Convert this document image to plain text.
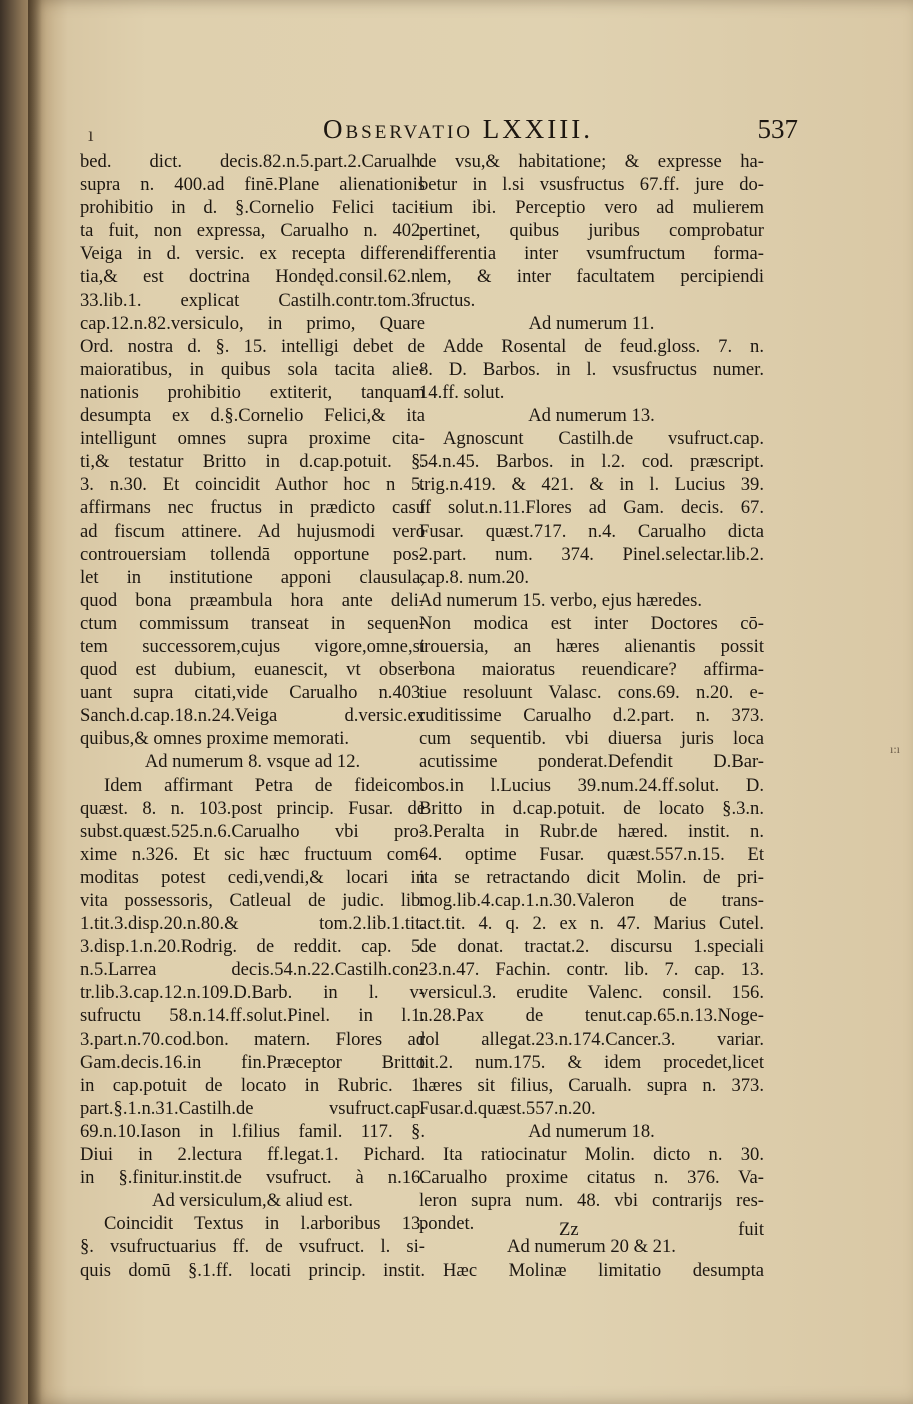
ı	Observatio LXXIII.	537
bed. dict. decis.82.n.5.part.2.Carualh.
supra n. 400.ad finē.Plane alienationis
prohibitio in d. §.Cornelio Felici taci-
ta fuit, non expressa, Carualho n. 402.
Veiga in d. versic. ex recepta differen-
tia,& est doctrina Hondęd.consil.62.n.
33.lib.1. explicat Castilh.contr.tom.3.
cap.12.n.82.versiculo, in primo, Quare
Ord. nostra d. §. 15. intelligi debet de
maioratibus, in quibus sola tacita alie-
nationis prohibitio extiterit, tanquam
desumpta ex d.§.Cornelio Felici,& ita
intelligunt omnes supra proxime cita-
ti,& testatur Britto in d.cap.potuit. §.
3. n.30. Et coincidit Author hoc n 5.
affirmans nec fructus in prædicto casu
ad fiscum attinere. Ad hujusmodi vero
controuersiam tollendā opportune pos-
let in institutione apponi clausula,
quod bona præambula hora ante deli-
ctum commissum transeat in sequen-
tem successorem,cujus vigore,omne,si
quod est dubium, euanescit, vt obser-
uant supra citati,vide Carualho n.403.
Sanch.d.cap.18.n.24.Veiga d.versic.ex
quibus,& omnes proxime memorati.
Ad numerum 8. vsque ad 12.
Idem affirmant Petra de fideicom.
quæst. 8. n. 103.post princip. Fusar. de
subst.quæst.525.n.6.Carualho vbi pro-
xime n.326. Et sic hæc fructuum com-
moditas potest cedi,vendi,& locari in
vita possessoris, Catleual de judic. lib.
1.tit.3.disp.20.n.80.& tom.2.lib.1.tit.
3.disp.1.n.20.Rodrig. de reddit. cap. 5.
n.5.Larrea decis.54.n.22.Castilh.con-
tr.lib.3.cap.12.n.109.D.Barb. in l. v-
sufructu 58.n.14.ff.solut.Pinel. in l.1.
3.part.n.70.cod.bon. matern. Flores ad
Gam.decis.16.in fin.Præceptor Britto
in cap.potuit de locato in Rubric. 1.
part.§.1.n.31.Castilh.de vsufruct.cap.
69.n.10.Iason in l.filius famil. 117. §.
Diui in 2.lectura ff.legat.1. Pichard.
in §.finitur.instit.de vsufruct. à n.16.
Ad versiculum,& aliud est.
Coincidit Textus in l.arboribus 13.
§. vsufructuarius ff. de vsufruct. l. si-
quis domū §.1.ff. locati princip. instit.
de vsu,& habitatione; & expresse ha-
betur in l.si vsusfructus 67.ff. jure do-
tium ibi. Perceptio vero ad mulierem
pertinet, quibus juribus comprobatur
differentia inter vsumfructum forma-
lem, & inter facultatem percipiendi
fructus.
Ad numerum 11.
Adde Rosental de feud.gloss. 7. n.
8. D. Barbos. in l. vsusfructus numer.
14.ff. solut.
Ad numerum 13.
Agnoscunt Castilh.de vsufruct.cap.
54.n.45. Barbos. in l.2. cod. præscript.
trig.n.419. & 421. & in l. Lucius 39.
ff solut.n.11.Flores ad Gam. decis. 67.
Fusar. quæst.717. n.4. Carualho dicta
2.part. num. 374. Pinel.selectar.lib.2.
cap.8. num.20.
Ad numerum 15. verbo, ejus hæredes.
Non modica est inter Doctores cō-
trouersia, an hæres alienantis possit
bona maioratus reuendicare? affirma-
tiue resoluunt Valasc. cons.69. n.20. e-
ruditissime Carualho d.2.part. n. 373.
cum sequentib. vbi diuersa juris loca
acutissime ponderat.Defendit D.Bar-
bos.in l.Lucius 39.num.24.ff.solut. D.
Britto in d.cap.potuit. de locato §.3.n.
3.Peralta in Rubr.de hæred. instit. n.
64. optime Fusar. quæst.557.n.15. Et
ita se retractando dicit Molin. de pri-
mog.lib.4.cap.1.n.30.Valeron de trans-
act.tit. 4. q. 2. ex n. 47. Marius Cutel.
de donat. tractat.2. discursu 1.speciali
23.n.47. Fachin. contr. lib. 7. cap. 13.
versicul.3. erudite Valenc. consil. 156.
n.28.Pax de tenut.cap.65.n.13.Noge-
rol allegat.23.n.174.Cancer.3. variar.
tit.2. num.175. & idem procedet,licet
hæres sit filius, Carualh. supra n. 373.
Fusar.d.quæst.557.n.20.
Ad numerum 18.
Ita ratiocinatur Molin. dicto n. 30.
Carualho proxime citatus n. 376. Va-
leron supra num. 48. vbi contrarijs res-
pondet.
Ad numerum 20 & 21.
Hæc Molinæ limitatio desumpta
Zz	fuit
ı:ı
